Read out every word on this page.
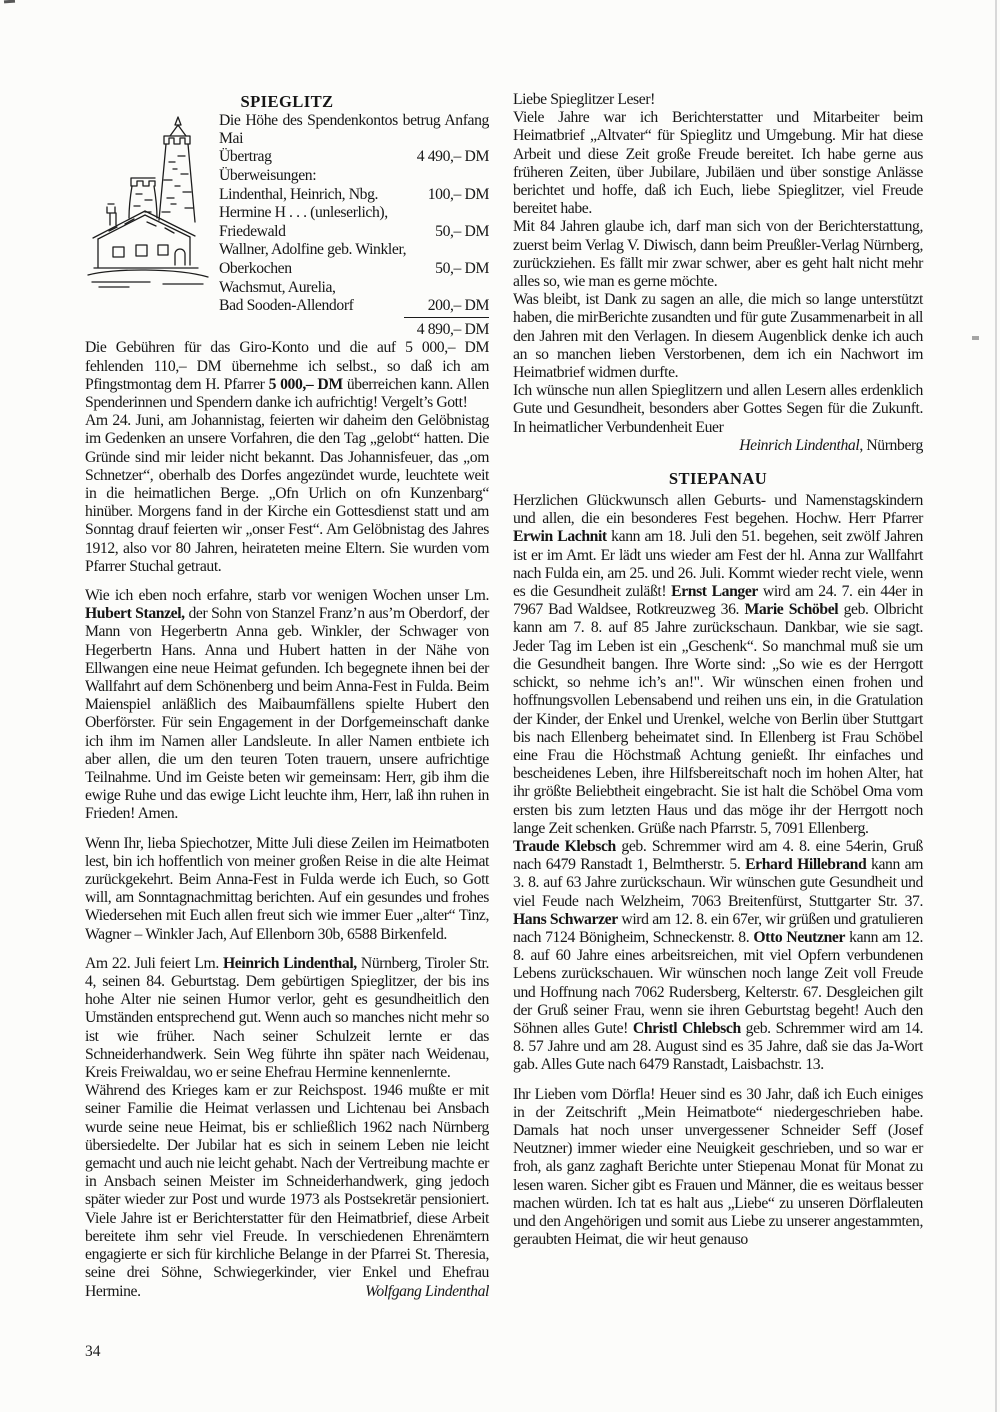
SPIEGLITZ

Die Höhe des Spendenkontos betrug Anfang Mai

Übertrag	4 490,– DM
Überweisungen:
Lindenthal, Heinrich, Nbg.	100,– DM
Hermine H . . . (unleserlich),
Friedewald	50,– DM
Wallner, Adolfine geb. Winkler,
Oberkochen	50,– DM
Wachsmut, Aurelia,
Bad Sooden-Allendorf	200,– DM
4 890,– DM

Die Gebühren für das Giro-Konto und die auf 5 000,– DM fehlenden 110,– DM übernehme ich selbst., so daß ich am Pfingstmontag dem H. Pfarrer 5 000,– DM überreichen kann. Allen Spenderinnen und Spendern danke ich aufrichtig! Vergelt’s Gott!

Am 24. Juni, am Johannistag, feierten wir daheim den Gelöbnistag im Gedenken an unsere Vorfahren, die den Tag „gelobt“ hatten. Die Gründe sind mir leider nicht bekannt. Das Johannisfeuer, das „om Schnetzer“, oberhalb des Dorfes angezündet wurde, leuchtete weit in die heimatlichen Berge. „Ofn Urlich on ofn Kunzenbarg“ hinüber. Morgens fand in der Kirche ein Gottesdienst statt und am Sonntag drauf feierten wir „onser Fest“. Am Gelöbnistag des Jahres 1912, also vor 80 Jahren, heirateten meine Eltern. Sie wurden vom Pfarrer Stuchal getraut.

Wie ich eben noch erfahre, starb vor wenigen Wochen unser Lm. Hubert Stanzel, der Sohn von Stanzel Franz’n aus’m Oberdorf, der Mann von Hegerbertn Anna geb. Winkler, der Schwager von Hegerbertn Hans. Anna und Hubert hatten in der Nähe von Ellwangen eine neue Heimat gefunden. Ich begegnete ihnen bei der Wallfahrt auf dem Schönenberg und beim Anna-Fest in Fulda. Beim Maienspiel anläßlich des Maibaumfällens spielte Hubert den Oberförster. Für sein Engagement in der Dorfgemeinschaft danke ich ihm im Namen aller Landsleute. In aller Namen entbiete ich aber allen, die um den teuren Toten trauern, unsere aufrichtige Teilnahme. Und im Geiste beten wir gemeinsam: Herr, gib ihm die ewige Ruhe und das ewige Licht leuchte ihm, Herr, laß ihn ruhen in Frieden! Amen.

Wenn Ihr, lieba Spiechotzer, Mitte Juli diese Zeilen im Heimatboten lest, bin ich hoffentlich von meiner großen Reise in die alte Heimat zurückgekehrt. Beim Anna-Fest in Fulda werde ich Euch, so Gott will, am Sonntagnachmittag berichten. Auf ein gesundes und frohes Wiedersehen mit Euch allen freut sich wie immer Euer „alter“ Tinz, Wagner – Winkler Jach, Auf Ellenborn 30b, 6588 Birkenfeld.

Am 22. Juli feiert Lm. Heinrich Lindenthal, Nürnberg, Tiroler Str. 4, seinen 84. Geburtstag. Dem gebürtigen Spieglitzer, der bis ins hohe Alter nie seinen Humor verlor, geht es gesundheitlich den Umständen entsprechend gut. Wenn auch so manches nicht mehr so ist wie früher. Nach seiner Schulzeit lernte er das Schneiderhandwerk. Sein Weg führte ihn später nach Weidenau, Kreis Freiwaldau, wo er seine Ehefrau Hermine kennenlernte.

Während des Krieges kam er zur Reichspost. 1946 mußte er mit seiner Familie die Heimat verlassen und Lichtenau bei Ansbach wurde seine neue Heimat, bis er schließlich 1962 nach Nürnberg übersiedelte. Der Jubilar hat es sich in seinem Leben nie leicht gemacht und auch nie leicht gehabt. Nach der Vertreibung machte er in Ansbach seinen Meister im Schneiderhandwerk, ging jedoch später wieder zur Post und wurde 1973 als Postsekretär pensioniert. Viele Jahre ist er Berichterstatter für den Heimatbrief, diese Arbeit bereitete ihm sehr viel Freude. In verschiedenen Ehrenämtern engagierte er sich für kirchliche Belange in der Pfarrei St. Theresia, seine drei Söhne, Schwiegerkinder, vier Enkel und Ehefrau Hermine.	Wolfgang Lindenthal

Liebe Spieglitzer Leser!

Viele Jahre war ich Berichterstatter und Mitarbeiter beim Heimatbrief „Altvater“ für Spieglitz und Umgebung. Mir hat diese Arbeit und diese Zeit große Freude bereitet. Ich habe gerne aus früheren Zeiten, über Jubilare, Jubiläen und über sonstige Anlässe berichtet und hoffe, daß ich Euch, liebe Spieglitzer, viel Freude bereitet habe.

Mit 84 Jahren glaube ich, darf man sich von der Berichterstattung, zuerst beim Verlag V. Diwisch, dann beim Preußler-Verlag Nürnberg, zurückziehen. Es fällt mir zwar schwer, aber es geht halt nicht mehr alles so, wie man es gerne möchte.

Was bleibt, ist Dank zu sagen an alle, die mich so lange unterstützt haben, die mirBerichte zusandten und für gute Zusammenarbeit in all den Jahren mit den Verlagen. In diesem Augenblick denke ich auch an so manchen lieben Verstorbenen, dem ich ein Nachwort im Heimatbrief widmen durfte.

Ich wünsche nun allen Spieglitzern und allen Lesern alles erdenklich Gute und Gesundheit, besonders aber Gottes Segen für die Zukunft. In heimatlicher Verbundenheit Euer

Heinrich Lindenthal, Nürnberg

STIEPANAU

Herzlichen Glückwunsch allen Geburts- und Namenstagskindern und allen, die ein besonderes Fest begehen. Hochw. Herr Pfarrer Erwin Lachnit kann am 18. Juli den 51. begehen, seit zwölf Jahren ist er im Amt. Er lädt uns wieder am Fest der hl. Anna zur Wallfahrt nach Fulda ein, am 25. und 26. Juli. Kommt wieder recht viele, wenn es die Gesundheit zuläßt! Ernst Langer wird am 24. 7. ein 44er in 7967 Bad Waldsee, Rotkreuzweg 36. Marie Schöbel geb. Olbricht kann am 7. 8. auf 85 Jahre zurückschaun. Dankbar, wie sie sagt. Jeder Tag im Leben ist ein „Geschenk“. So manchmal muß sie um die Gesundheit bangen. Ihre Worte sind: „So wie es der Herrgott schickt, so nehme ich’s an!". Wir wünschen einen frohen und hoffnungsvollen Lebensabend und reihen uns ein, in die Gratulation der Kinder, der Enkel und Urenkel, welche von Berlin über Stuttgart bis nach Ellenberg beheimatet sind. In Ellenberg ist Frau Schöbel eine Frau die Höchstmaß Achtung genießt. Ihr einfaches und bescheidenes Leben, ihre Hilfsbereitschaft noch im hohen Alter, hat ihr größte Beliebtheit eingebracht. Sie ist halt die Schöbel Oma vom ersten bis zum letzten Haus und das möge ihr der Herrgott noch lange Zeit schenken. Grüße nach Pfarrstr. 5, 7091 Ellenberg.

Traude Klebsch geb. Schremmer wird am 4. 8. eine 54erin, Gruß nach 6479 Ranstadt 1, Belmtherstr. 5. Erhard Hillebrand kann am 3. 8. auf 63 Jahre zurückschaun. Wir wünschen gute Gesundheit und viel Feude nach Welzheim, 7063 Breitenfürst, Stuttgarter Str. 37. Hans Schwarzer wird am 12. 8. ein 67er, wir grüßen und gratulieren nach 7124 Bönigheim, Schneckenstr. 8. Otto Neutzner kann am 12. 8. auf 60 Jahre eines arbeitsreichen, mit viel Opfern verbundenen Lebens zurückschauen. Wir wünschen noch lange Zeit voll Freude und Hoffnung nach 7062 Rudersberg, Kelterstr. 67. Desgleichen gilt der Gruß seiner Frau, wenn sie ihren Geburtstag begeht! Auch den Söhnen alles Gute! Christl Chlebsch geb. Schremmer wird am 14. 8. 57 Jahre und am 28. August sind es 35 Jahre, daß sie das Ja-Wort gab. Alles Gute nach 6479 Ranstadt, Laisbachstr. 13.

Ihr Lieben vom Dörfla! Heuer sind es 30 Jahr, daß ich Euch einiges in der Zeitschrift „Mein Heimatbote“ niedergeschrieben habe. Damals hat noch unser unvergessener Schneider Seff (Josef Neutzner) immer wieder eine Neuigkeit geschrieben, und so war er froh, als ganz zaghaft Berichte unter Stiepenau Monat für Monat zu lesen waren. Sicher gibt es Frauen und Männer, die es weitaus besser machen würden. Ich tat es halt aus „Liebe“ zu unseren Dörflaleuten und den Angehörigen und somit aus Liebe zu unserer angestammten, geraubten Heimat, die wir heut genauso

34
